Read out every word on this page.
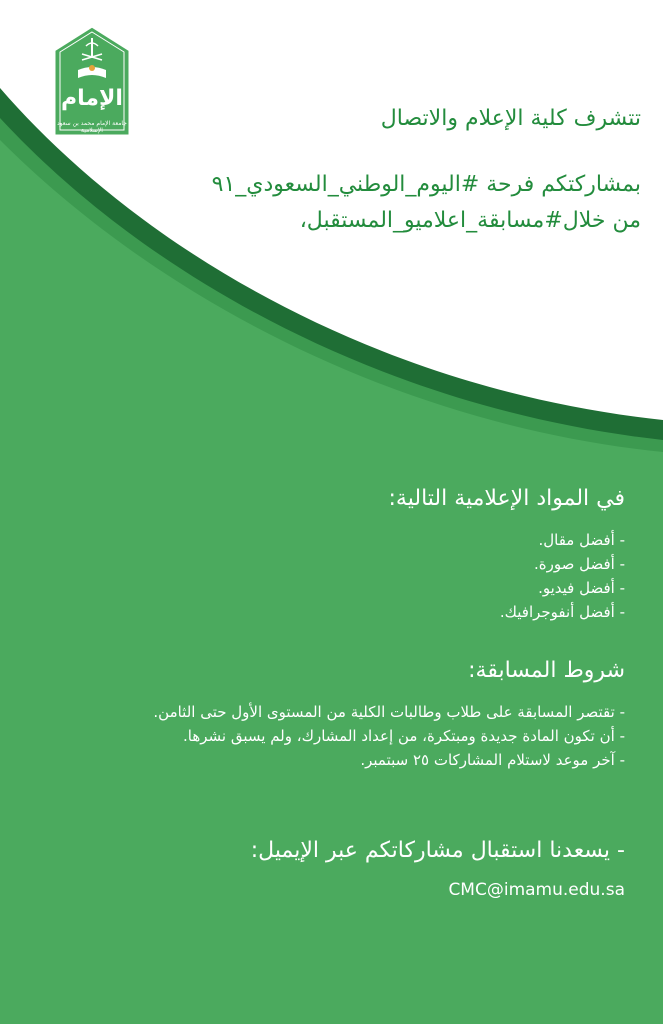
الإمام
جامعة الإمام محمد بن سعود الإسلامية	تتشرف كلية الإعلام والاتصال
بمشاركتكم فرحة #اليوم_الوطني_السعودي_٩١
من خلال#مسابقة_اعلاميو_المستقبل،
في المواد الإعلامية التالية:
- أفضل مقال.
- أفضل صورة.
- أفضل فيديو.
- أفضل أنفوجرافيك.
شروط المسابقة:
- تقتصر المسابقة على طلاب وطالبات الكلية من المستوى الأول حتى الثامن.
- أن تكون المادة جديدة ومبتكرة، من إعداد المشارك، ولم يسبق نشرها.
- آخر موعد لاستلام المشاركات ٢٥ سبتمبر.
- يسعدنا استقبال مشاركاتكم عبر الإيميل:
CMC@imamu.edu.sa
